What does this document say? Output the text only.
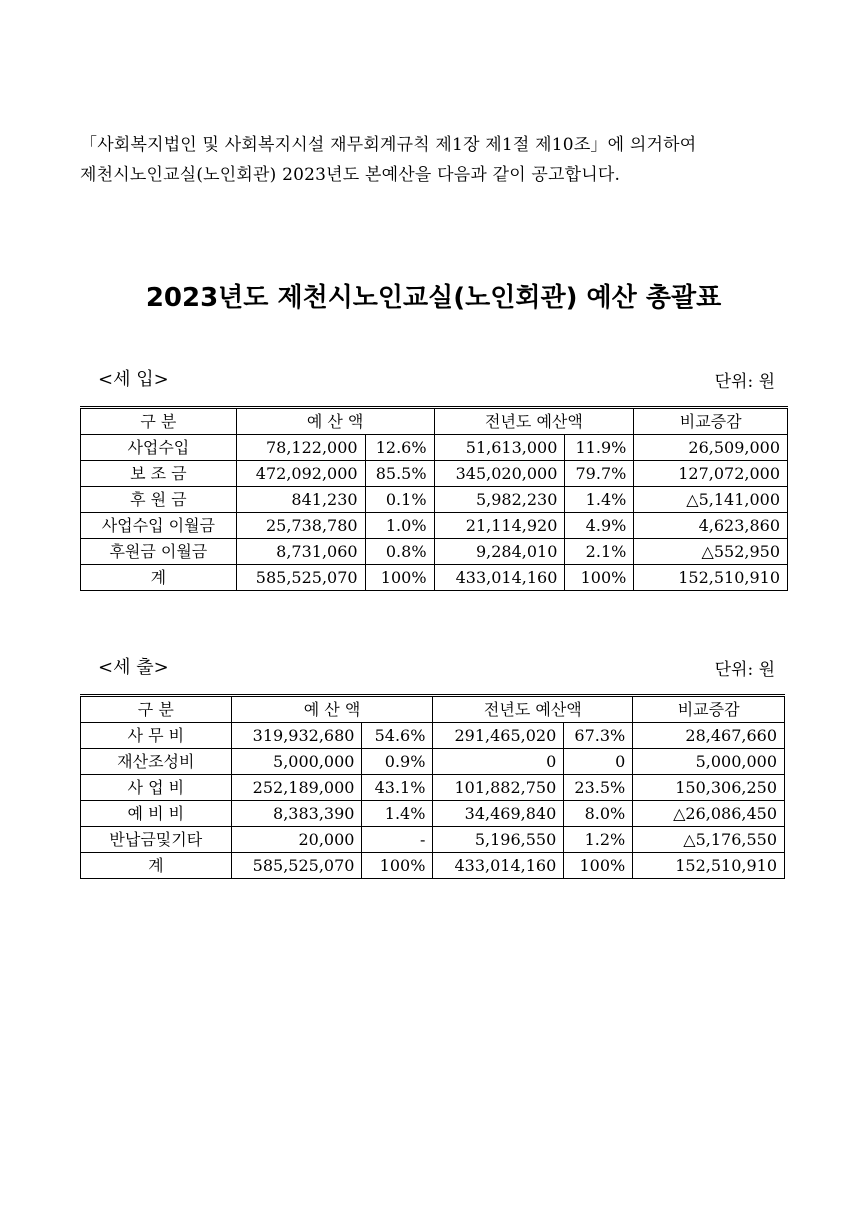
「사회복지법인 및 사회복지시설 재무회계규칙 제1장 제1절 제10조」에 의거하여

제천시노인교실(노인회관) 2023년도 본예산을 다음과 같이 공고합니다.

2023년도 제천시노인교실(노인회관) 예산 총괄표
<세 입>	단위: 원
구 분	예 산 액		전년도 예산액		비교증감
사업수입	78,122,000	12.6%	51,613,000	11.9%	26,509,000
보 조 금	472,092,000	85.5%	345,020,000	79.7%	127,072,000
후 원 금	841,230	0.1%	5,982,230	1.4%	△5,141,000
사업수입 이월금	25,738,780	1.0%	21,114,920	4.9%	4,623,860
후원금 이월금	8,731,060	0.8%	9,284,010	2.1%	△552,950
계	585,525,070	100%	433,014,160	100%	152,510,910
<세 출>	단위: 원
구 분	예 산 액		전년도 예산액		비교증감
사 무 비	319,932,680	54.6%	291,465,020	67.3%	28,467,660
재산조성비	5,000,000	0.9%	0	0	5,000,000
사 업 비	252,189,000	43.1%	101,882,750	23.5%	150,306,250
예 비 비	8,383,390	1.4%	34,469,840	8.0%	△26,086,450
반납금및기타	20,000	-	5,196,550	1.2%	△5,176,550
계	585,525,070	100%	433,014,160	100%	152,510,910
